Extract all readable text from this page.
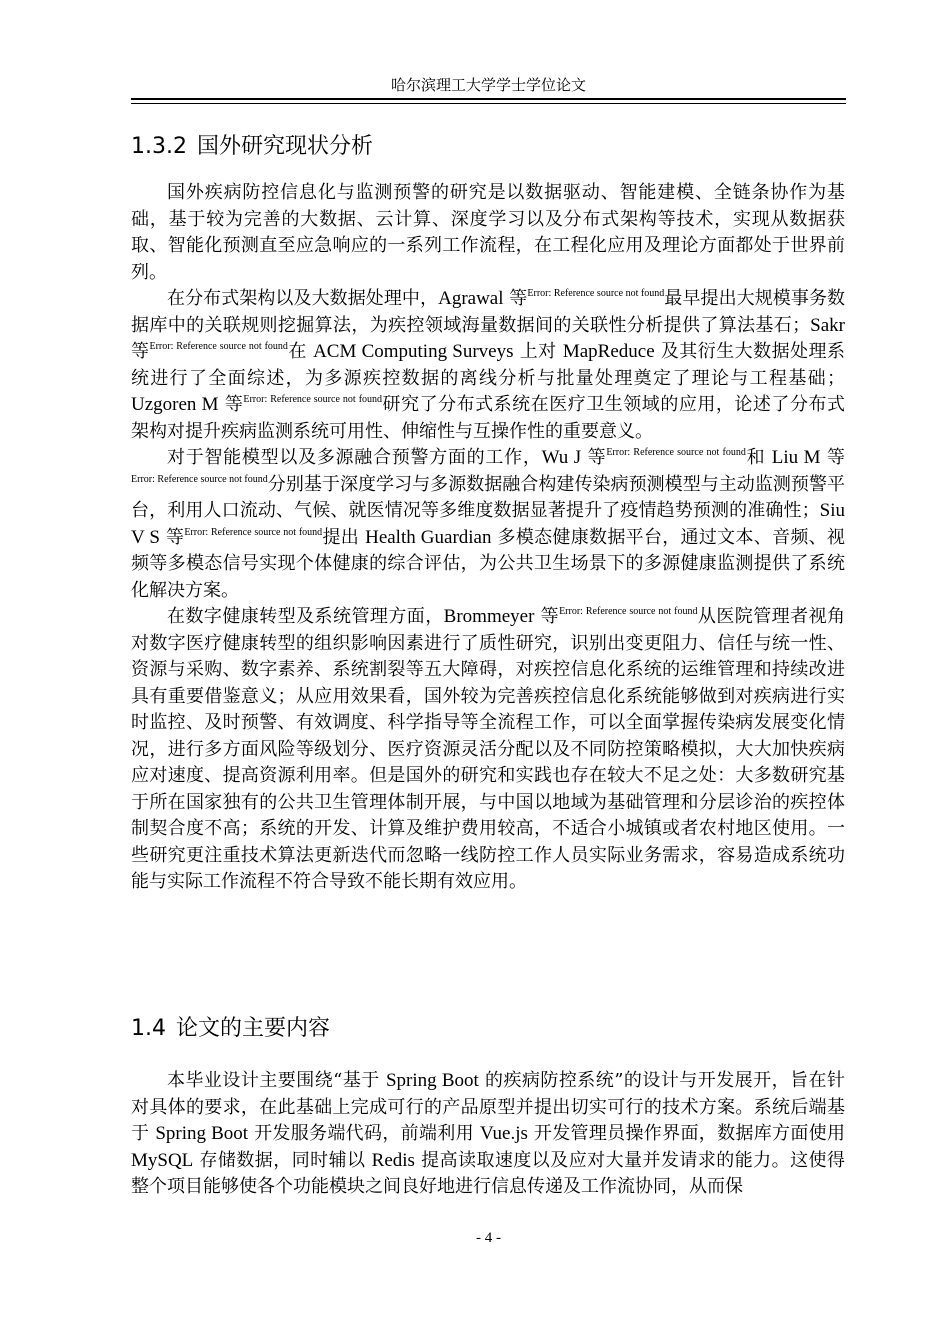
哈尔滨理工大学学士学位论文
1.3.2 国外研究现状分析

国外疾病防控信息化与监测预警的研究是以数据驱动、智能建模、全链条协作为基础，基于较为完善的大数据、云计算、深度学习以及分布式架构等技术，实现从数据获取、智能化预测直至应急响应的一系列工作流程，在工程化应用及理论方面都处于世界前列。

在分布式架构以及大数据处理中，Agrawal 等$^{Error: Reference source not found}$最早提出大规模事务数据库中的关联规则挖掘算法，为疾控领域海量数据间的关联性分析提供了算法基石；Sakr 等$^{Error: Reference source not found}$在 ACM Computing Surveys 上对 MapReduce 及其衍生大数据处理系统进行了全面综述，为多源疾控数据的离线分析与批量处理奠定了理论与工程基础；Uzgoren M 等$^{Error: Reference source not found}$研究了分布式系统在医疗卫生领域的应用，论述了分布式架构对提升疾病监测系统可用性、伸缩性与互操作性的重要意义。

对于智能模型以及多源融合预警方面的工作，Wu J 等$^{Error: Reference source not found}$和 Liu M 等$^{Error: Reference source not found}$分别基于深度学习与多源数据融合构建传染病预测模型与主动监测预警平台，利用人口流动、气候、就医情况等多维度数据显著提升了疫情趋势预测的准确性；Siu V S 等$^{Error: Reference source not found}$提出 Health Guardian 多模态健康数据平台，通过文本、音频、视频等多模态信号实现个体健康的综合评估，为公共卫生场景下的多源健康监测提供了系统化解决方案。

在数字健康转型及系统管理方面，Brommeyer 等$^{Error: Reference source not found}$从医院管理者视角对数字医疗健康转型的组织影响因素进行了质性研究，识别出变更阻力、信任与统一性、资源与采购、数字素养、系统割裂等五大障碍，对疾控信息化系统的运维管理和持续改进具有重要借鉴意义；从应用效果看，国外较为完善疾控信息化系统能够做到对疾病进行实时监控、及时预警、有效调度、科学指导等全流程工作，可以全面掌握传染病发展变化情况，进行多方面风险等级划分、医疗资源灵活分配以及不同防控策略模拟，大大加快疾病应对速度、提高资源利用率。但是国外的研究和实践也存在较大不足之处：大多数研究基于所在国家独有的公共卫生管理体制开展，与中国以地域为基础管理和分层诊治的疾控体制契合度不高；系统的开发、计算及维护费用较高，不适合小城镇或者农村地区使用。一些研究更注重技术算法更新迭代而忽略一线防控工作人员实际业务需求，容易造成系统功能与实际工作流程不符合导致不能长期有效应用。

1.4 论文的主要内容

本毕业设计主要围绕“基于 Spring Boot 的疾病防控系统”的设计与开发展开，旨在针对具体的要求，在此基础上完成可行的产品原型并提出切实可行的技术方案。系统后端基于 Spring Boot 开发服务端代码，前端利用 Vue.js 开发管理员操作界面，数据库方面使用 MySQL 存储数据，同时辅以 Redis 提高读取速度以及应对大量并发请求的能力。这使得整个项目能够使各个功能模块之间良好地进行信息传递及工作流协同，从而保

- 4 -
